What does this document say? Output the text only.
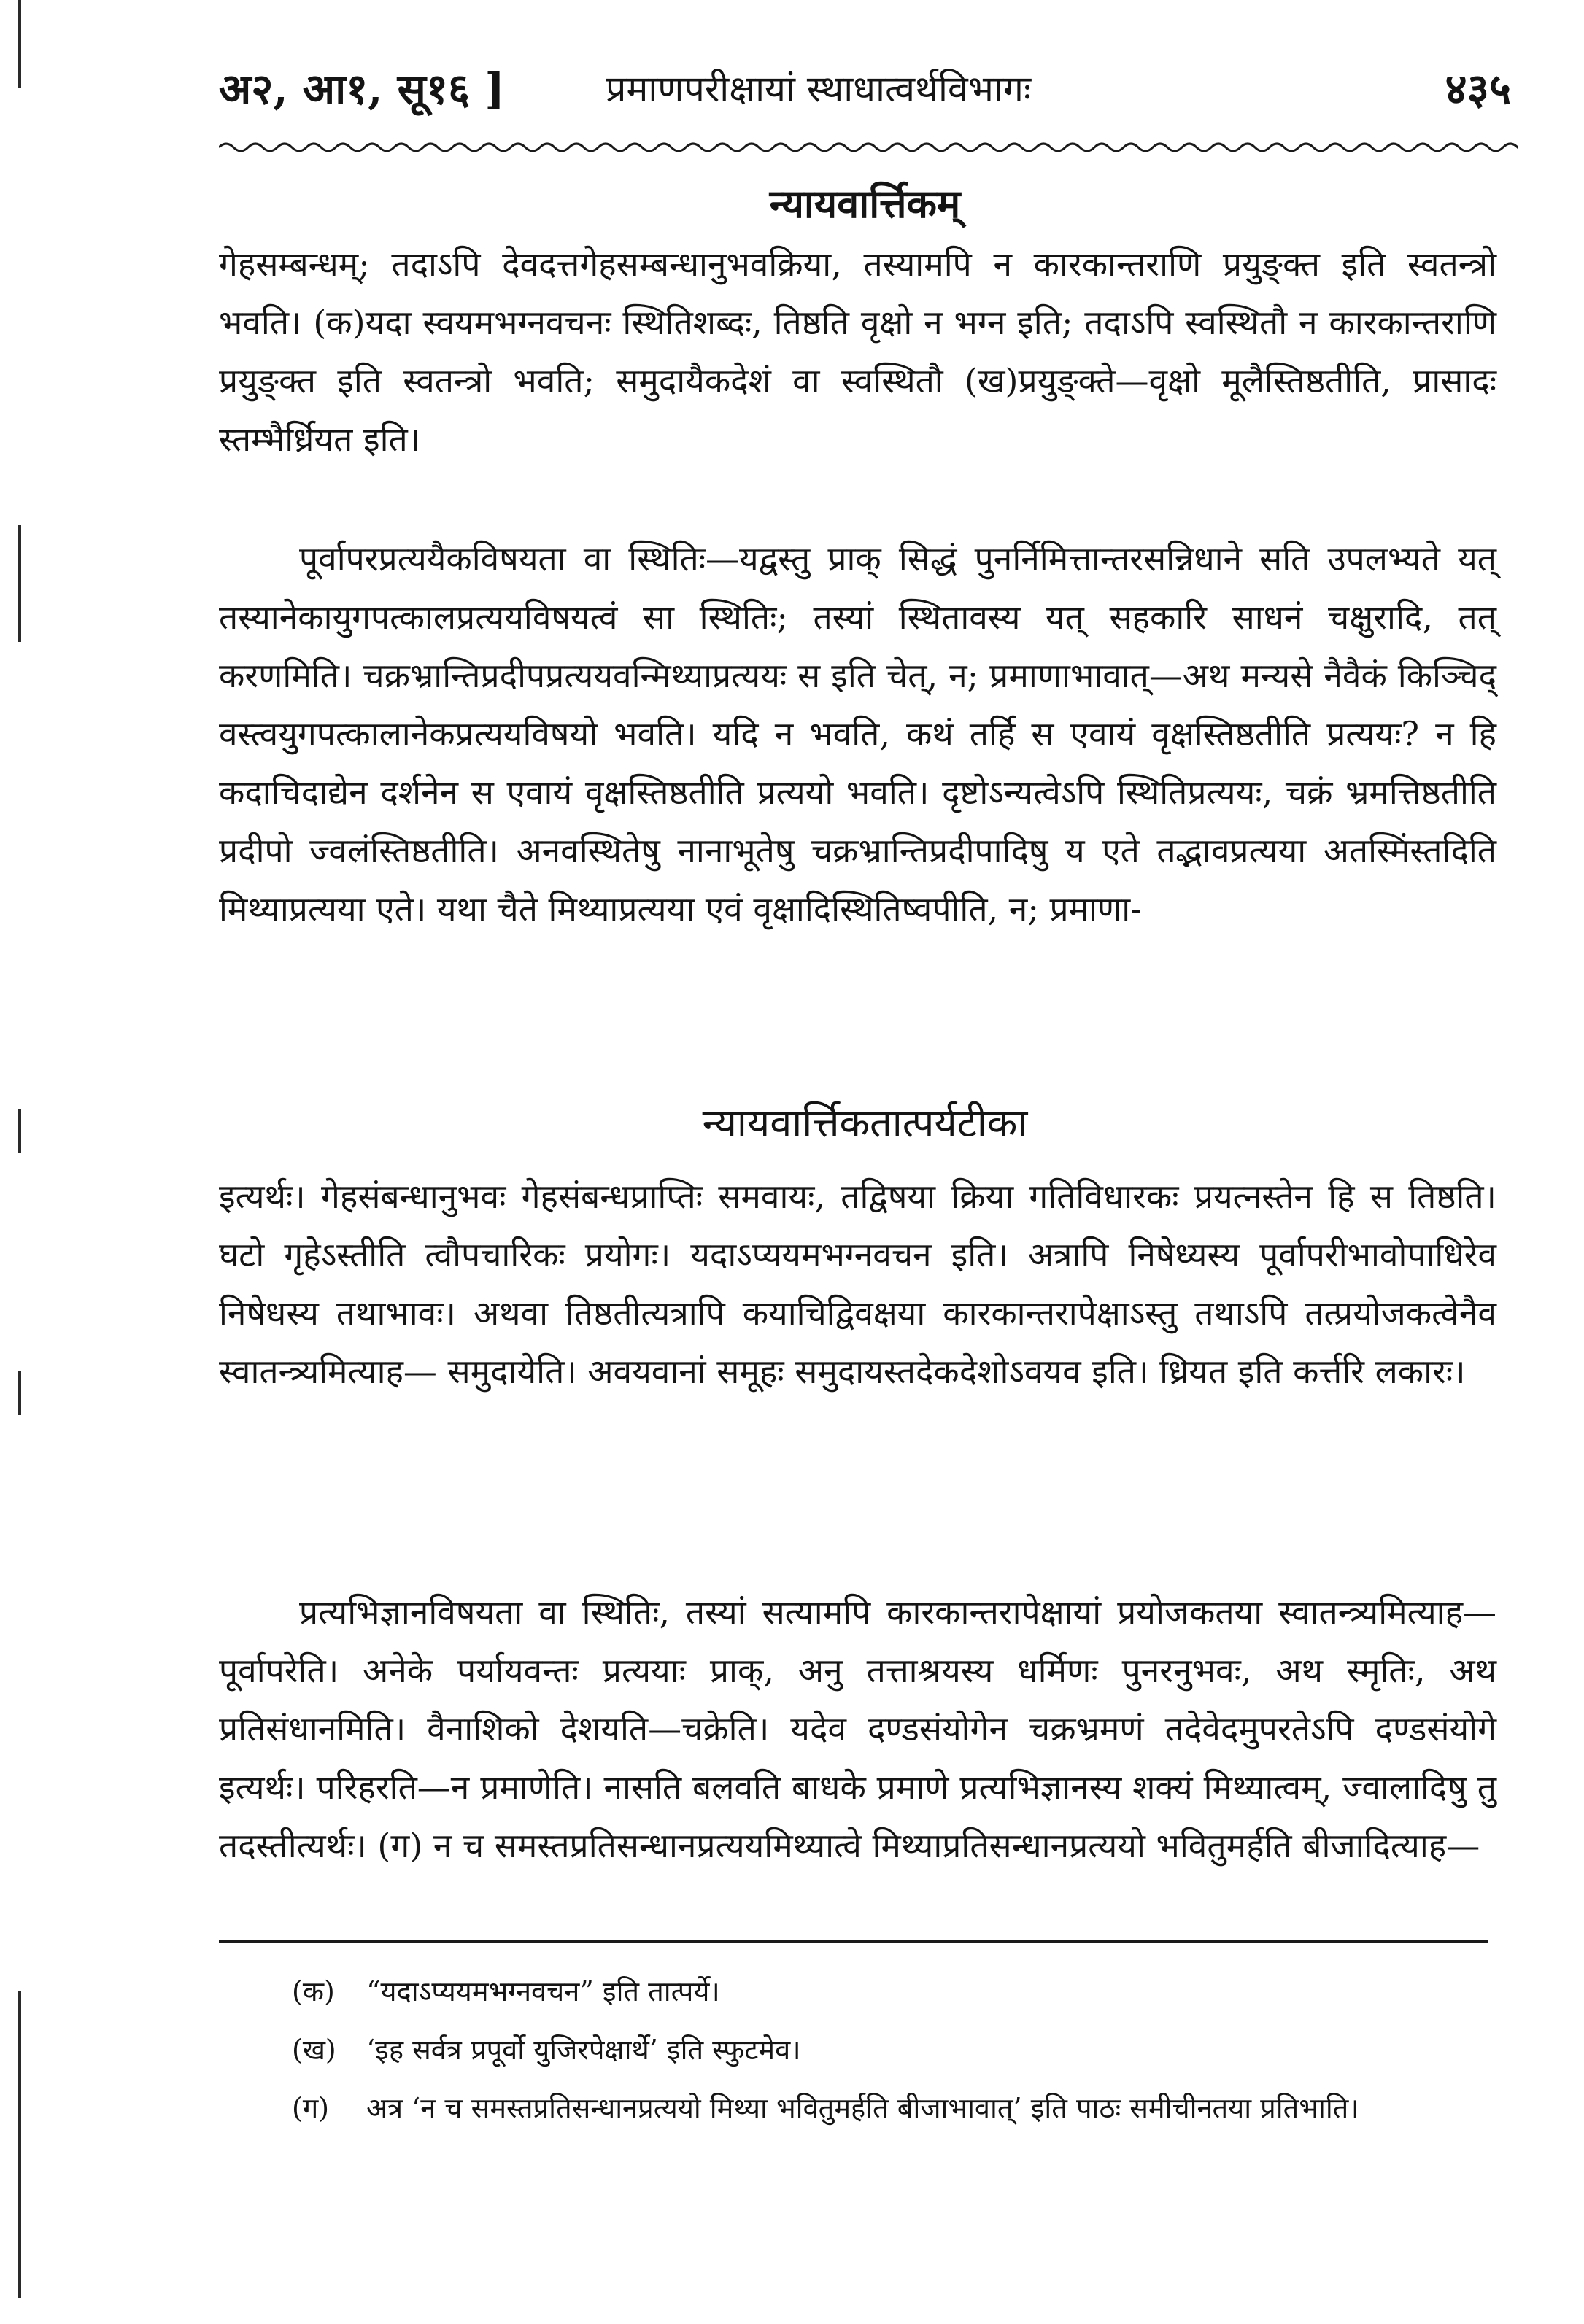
अ२, आ१, सू१६ ]	प्रमाणपरीक्षायां स्थाधात्वर्थविभागः	४३५
न्यायवार्त्तिकम्

गेहसम्बन्धम्; तदाऽपि देवदत्तगेहसम्बन्धानुभवक्रिया, तस्यामपि न कारकान्तराणि प्रयुङ्क्त इति स्वतन्त्रो भवति। (क)यदा स्वयमभग्नवचनः स्थितिशब्दः, तिष्ठति वृक्षो न भग्न इति; तदाऽपि स्वस्थितौ न कारकान्तराणि प्रयुङ्क्त इति स्वतन्त्रो भवति; समुदायैकदेशं वा स्वस्थितौ (ख)प्रयुङ्क्ते—वृक्षो मूलैस्तिष्ठतीति, प्रासादः स्तम्भैर्ध्रियत इति।

पूर्वापरप्रत्ययैकविषयता वा स्थितिः—यद्वस्तु प्राक् सिद्धं पुनर्निमित्तान्तरसन्निधाने सति उपलभ्यते यत् तस्यानेकायुगपत्कालप्रत्ययविषयत्वं सा स्थितिः; तस्यां स्थितावस्य यत् सहकारि साधनं चक्षुरादि, तत् करणमिति। चक्रभ्रान्तिप्रदीपप्रत्ययवन्मिथ्याप्रत्ययः स इति चेत्, न; प्रमाणाभावात्—अथ मन्यसे नैवैकं किञ्चिद् वस्त्वयुगपत्कालानेकप्रत्ययविषयो भवति। यदि न भवति, कथं तर्हि स एवायं वृक्षस्तिष्ठतीति प्रत्ययः? न हि कदाचिदाद्येन दर्शनेन स एवायं वृक्षस्तिष्ठतीति प्रत्ययो भवति। दृष्टोऽन्यत्वेऽपि स्थितिप्रत्ययः, चक्रं भ्रमत्तिष्ठतीति प्रदीपो ज्वलंस्तिष्ठतीति। अनवस्थितेषु नानाभूतेषु चक्रभ्रान्तिप्रदीपादिषु य एते तद्भावप्रत्यया अतस्मिंस्तदिति मिथ्याप्रत्यया एते। यथा चैते मिथ्याप्रत्यया एवं वृक्षादिस्थितिष्वपीति, न; प्रमाणा-

न्यायवार्त्तिकतात्पर्यटीका

इत्यर्थः। गेहसंबन्धानुभवः गेहसंबन्धप्राप्तिः समवायः, तद्विषया क्रिया गतिविधारकः प्रयत्नस्तेन हि स तिष्ठति। घटो गृहेऽस्तीति त्वौपचारिकः प्रयोगः। यदाऽप्ययमभग्नवचन इति। अत्रापि निषेध्यस्य पूर्वापरीभावोपाधिरेव निषेधस्य तथाभावः। अथवा तिष्ठतीत्यत्रापि कयाचिद्विवक्षया कारकान्तरापेक्षाऽस्तु तथाऽपि तत्प्रयोजकत्वेनैव स्वातन्त्र्यमित्याह— समुदायेति। अवयवानां समूहः समुदायस्तदेकदेशोऽवयव इति। ध्रियत इति कर्त्तरि लकारः।

प्रत्यभिज्ञानविषयता वा स्थितिः, तस्यां सत्यामपि कारकान्तरापेक्षायां प्रयोजकतया स्वातन्त्र्यमित्याह—पूर्वापरेति। अनेके पर्यायवन्तः प्रत्ययाः प्राक्, अनु तत्ताश्रयस्य धर्मिणः पुनरनुभवः, अथ स्मृतिः, अथ प्रतिसंधानमिति। वैनाशिको देशयति—चक्रेति। यदेव दण्डसंयोगेन चक्रभ्रमणं तदेवेदमुपरतेऽपि दण्डसंयोगे इत्यर्थः। परिहरति—न प्रमाणेति। नासति बलवति बाधके प्रमाणे प्रत्यभिज्ञानस्य शक्यं मिथ्यात्वम्, ज्वालादिषु तु तदस्तीत्यर्थः। (ग) न च समस्तप्रतिसन्धानप्रत्ययमिथ्यात्वे मिथ्याप्रतिसन्धानप्रत्ययो भवितुमर्हति बीजादित्याह—

(क) “यदाऽप्ययमभग्नवचन” इति तात्पर्ये।
(ख) ‘इह सर्वत्र प्रपूर्वो युजिरपेक्षार्थे’ इति स्फुटमेव।
(ग) अत्र ‘न च समस्तप्रतिसन्धानप्रत्ययो मिथ्या भवितुमर्हति बीजाभावात्’ इति पाठः समीचीनतया प्रतिभाति।
